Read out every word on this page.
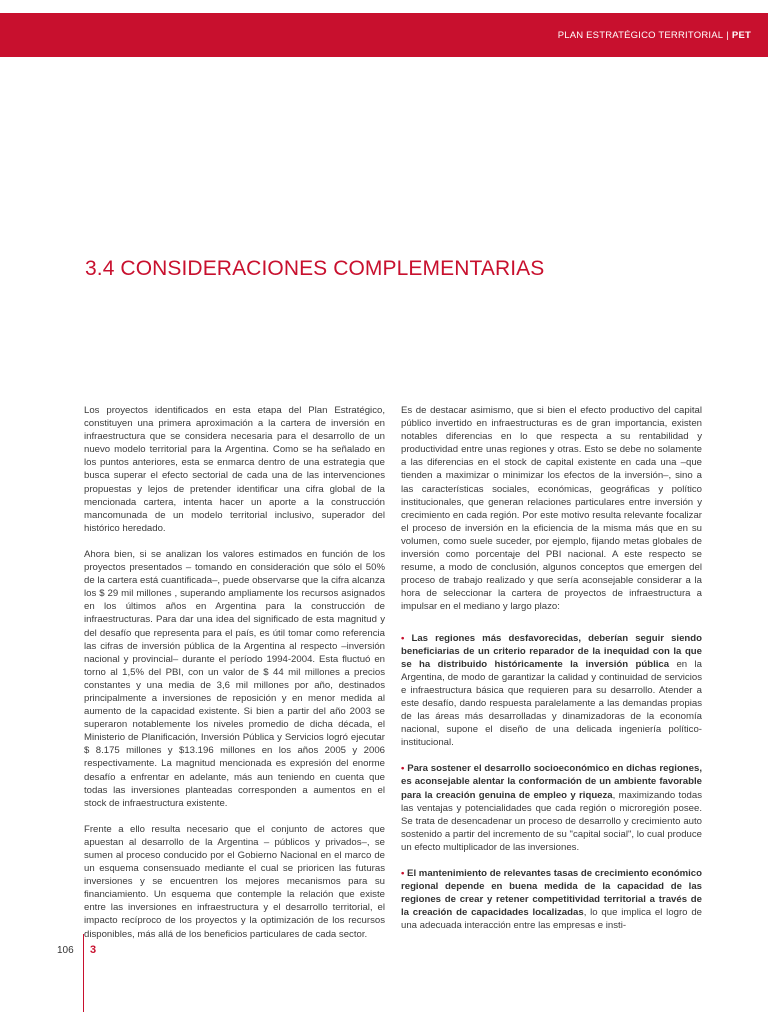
PLAN ESTRATÉGICO TERRITORIAL | PET
3.4 CONSIDERACIONES COMPLEMENTARIAS

Los proyectos identificados en esta etapa del Plan Estratégico, constituyen una primera aproximación a la cartera de inversión en infraestructura que se considera necesaria para el desarrollo de un nuevo modelo territorial para la Argentina. Como se ha señalado en los puntos anteriores, esta se enmarca dentro de una estrategia que busca superar el efecto sectorial de cada una de las intervenciones propuestas y lejos de pretender identificar una cifra global de la mencionada cartera, intenta hacer un aporte a la construcción mancomunada de un modelo territorial inclusivo, superador del histórico heredado.

Ahora bien, si se analizan los valores estimados en función de los proyectos presentados – tomando en consideración que sólo el 50% de la cartera está cuantificada–, puede observarse que la cifra alcanza los $ 29 mil millones , superando ampliamente los recursos asignados en los últimos años en Argentina para la construcción de infraestructuras. Para dar una idea del significado de esta magnitud y del desafío que representa para el país, es útil tomar como referencia las cifras de inversión pública de la Argentina al respecto –inversión nacional y provincial– durante el período 1994-2004. Esta fluctuó en torno al 1,5% del PBI, con un valor de $ 44 mil millones a precios constantes y una media de 3,6 mil millones por año, destinados principalmente a inversiones de reposición y en menor medida al aumento de la capacidad existente. Si bien a partir del año 2003 se superaron notablemente los niveles promedio de dicha década, el Ministerio de Planificación, Inversión Pública y Servicios logró ejecutar $ 8.175 millones y $13.196 millones en los años 2005 y 2006 respectivamente. La magnitud mencionada es expresión del enorme desafío a enfrentar en adelante, más aun teniendo en cuenta que todas las inversiones planteadas corresponden a aumentos en el stock de infraestructura existente.

Frente a ello resulta necesario que el conjunto de actores que apuestan al desarrollo de la Argentina – públicos y privados–, se sumen al proceso conducido por el Gobierno Nacional en el marco de un esquema consensuado mediante el cual se prioricen las futuras inversiones y se encuentren los mejores mecanismos para su financiamiento. Un esquema que contemple la relación que existe entre las inversiones en infraestructura y el desarrollo territorial, el impacto recíproco de los proyectos y la optimización de los recursos disponibles, más allá de los beneficios particulares de cada sector.

Es de destacar asimismo, que si bien el efecto productivo del capital público invertido en infraestructuras es de gran importancia, existen notables diferencias en lo que respecta a su rentabilidad y productividad entre unas regiones y otras. Esto se debe no solamente a las diferencias en el stock de capital existente en cada una –que tienden a maximizar o minimizar los efectos de la inversión–, sino a las características sociales, económicas, geográficas y político institucionales, que generan relaciones particulares entre inversión y crecimiento en cada región. Por este motivo resulta relevante focalizar el proceso de inversión en la eficiencia de la misma más que en su volumen, como suele suceder, por ejemplo, fijando metas globales de inversión como porcentaje del PBI nacional. A este respecto se resume, a modo de conclusión, algunos conceptos que emergen del proceso de trabajo realizado y que sería aconsejable considerar a la hora de seleccionar la cartera de proyectos de infraestructura a impulsar en el mediano y largo plazo:

• Las regiones más desfavorecidas, deberían seguir siendo beneficiarias de un criterio reparador de la inequidad con la que se ha distribuido históricamente la inversión pública en la Argentina, de modo de garantizar la calidad y continuidad de servicios e infraestructura básica que requieren para su desarrollo. Atender a este desafío, dando respuesta paralelamente a las demandas propias de las áreas más desarrolladas y dinamizadoras de la economía nacional, supone el diseño de una delicada ingeniería político-institucional.
• Para sostener el desarrollo socioeconómico en dichas regiones, es aconsejable alentar la conformación de un ambiente favorable para la creación genuina de empleo y riqueza, maximizando todas las ventajas y potencialidades que cada región o microregión posee. Se trata de desencadenar un proceso de desarrollo y crecimiento auto sostenido a partir del incremento de su "capital social", lo cual produce un efecto multiplicador de las inversiones.
• El mantenimiento de relevantes tasas de crecimiento económico regional depende en buena medida de la capacidad de las regiones de crear y retener competitividad territorial a través de la creación de capacidades localizadas, lo que implica el logro de una adecuada interacción entre las empresas e insti-
106 3
